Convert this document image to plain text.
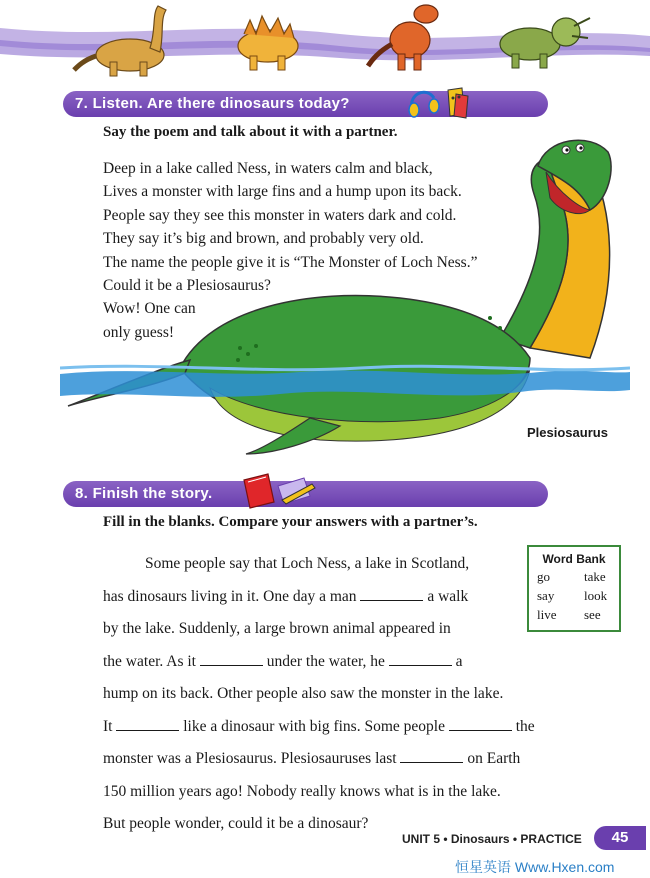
7. Listen. Are there dinosaurs today?
Say the poem and talk about it with a partner.
Deep in a lake called Ness, in waters calm and black,
Lives a monster with large fins and a hump upon its back.
People say they see this monster in waters dark and cold.
They say it’s big and brown, and probably very old.
The name the people give it is “The Monster of Loch Ness.”
Could it be a Plesiosaurus?
Wow! One can
only guess!
Plesiosaurus
8. Finish the story.
Fill in the blanks. Compare your answers with a partner’s.
Some people say that Loch Ness, a lake in Scotland,
has dinosaurs living in it. One day a man	a walk
by the lake. Suddenly, a large brown animal appeared in
the water. As it	under the water, he	a
hump on its back. Other people also saw the monster in the lake.
It	like a dinosaur with big fins. Some people	the
monster was a Plesiosaurus. Plesiosauruses last	on Earth
150 million years ago! Nobody really knows what is in the lake.
But people wonder, could it be a dinosaur?
Word Bank
go	take
say	look
live	see
UNIT 5 • Dinosaurs • PRACTICE	45
恒星英语 Www.Hxen.com
